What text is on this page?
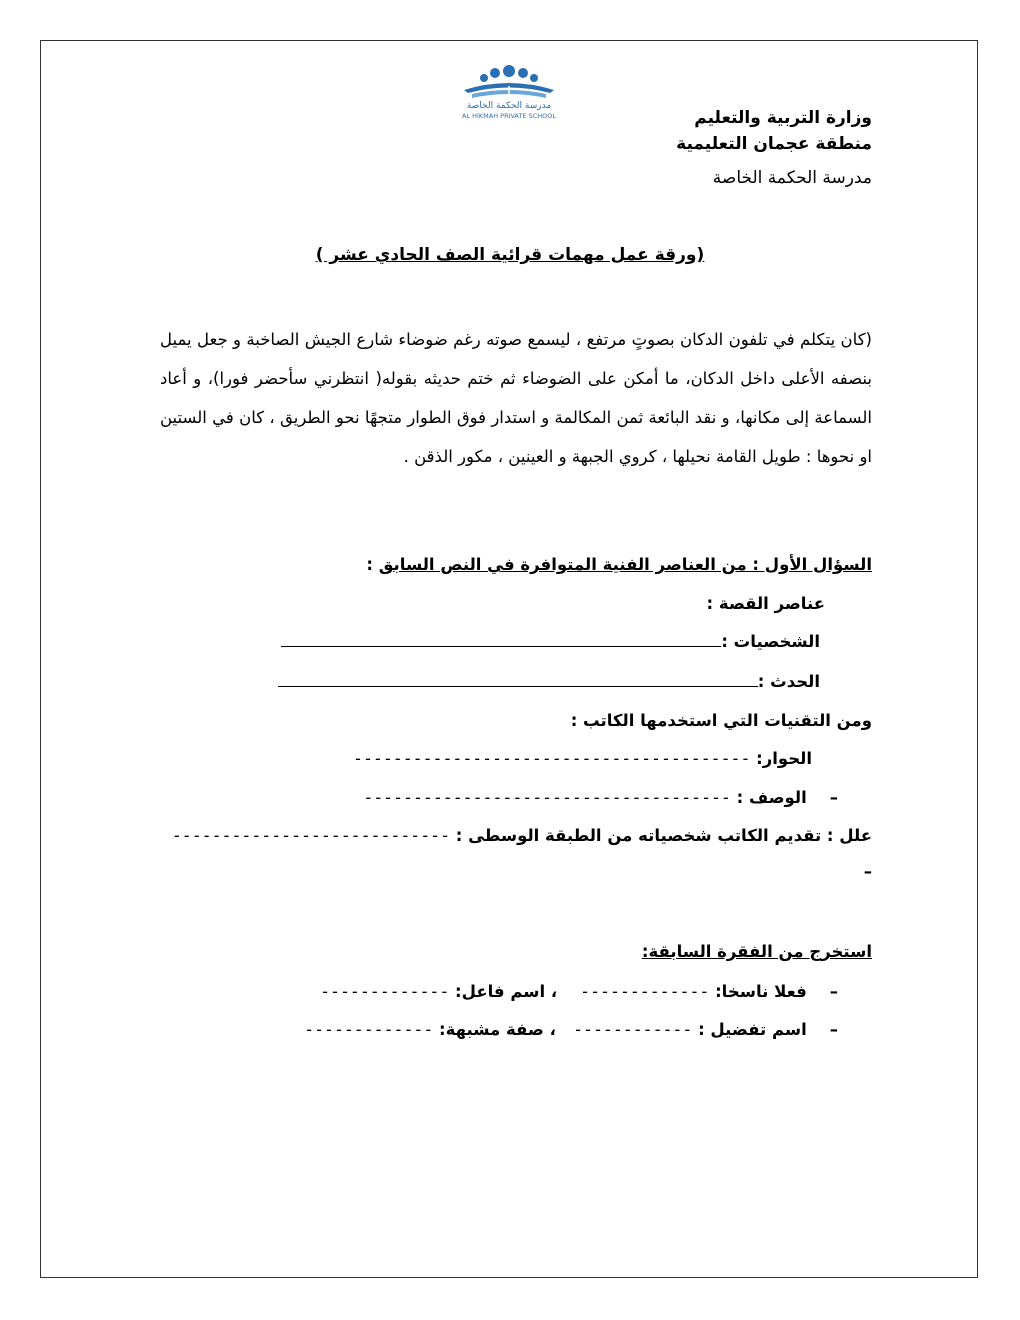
مدرسة الحكمة الخاصة
AL HIKMAH PRIVATE SCHOOL	وزارة التربية والتعليم
منطقة عجمان التعليمية
مدرسة الحكمة الخاصة
(ورقة عمل مهمات قرائية الصف الحادي عشر )
(كان يتكلم في تلفون الدكان بصوتٍ مرتفع ، ليسمع صوته رغم ضوضاء شارع الجيش الصاخبة و جعل يميل بنصفه الأعلى داخل الدكان، ما أمكن على الضوضاء ثم ختم حديثه بقوله( انتظرني سأحضر فورا)، و أعاد السماعة إلى مكانها، و نقد البائعة ثمن المكالمة و استدار فوق الطوار متجهًا نحو الطريق ، كان في الستين او نحوها : طويل القامة نحيلها ، كروي الجبهة و العينين ، مكور الذقن .
السؤال الأول : من العناصر الفنية المتوافرة في النص السابق :
عناصر القصة :
الشخصيات :
الحدث :
ومن التقنيات التي استخدمها الكاتب :
الحوار: ----------------------------------------
–    الوصف : -------------------------------------
علل : تقديم الكاتب شخصياته من الطبقة الوسطى : ----------------------------
–
استخرج من الفقرة السابقة:
–    فعلا ناسخا: -------------    ، اسم فاعل: -------------
–    اسم تفضيل : ------------   ، صفة مشبهة: -------------
